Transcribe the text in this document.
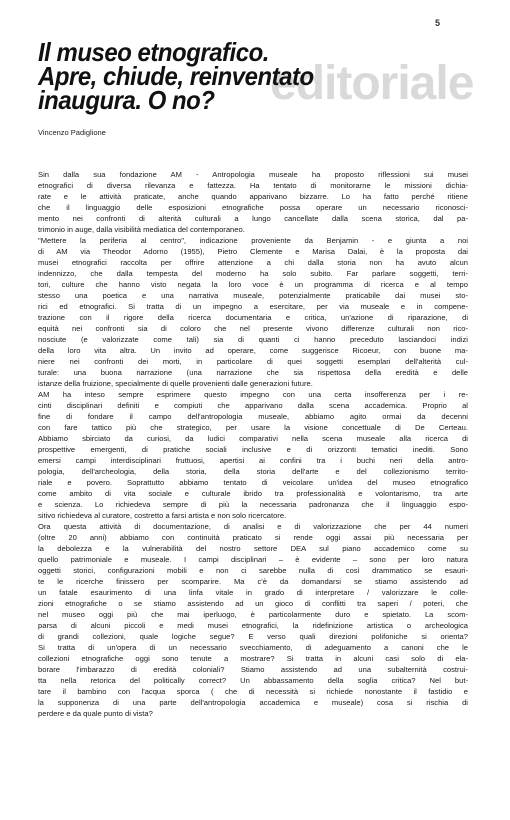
5
editoriale
Il museo etnografico.
Apre, chiude, reinventato
inaugura. O no?
Vincenzo Padiglione

Sin dalla sua fondazione AM - Antropologia museale ha proposto riflessioni sui musei
etnografici di diversa rilevanza e fattezza. Ha tentato di monitorarne le missioni dichia-
rate e le attività praticate, anche quando apparivano bizzarre. Lo ha fatto perché ritiene
che il linguaggio delle esposizioni etnografiche possa operare un necessario riconosci-
mento nei confronti di alterità culturali a lungo cancellate dalla scena storica, dal pa-
trimonio in auge, dalla visibilità mediatica del contemporaneo.

"Mettere la periferia al centro", indicazione proveniente da Benjamin - e giunta a noi
di AM via Theodor Adorno (1955), Pietro Clemente e Marisa Dalai, è la proposta dai
musei etnografici raccolta per offrire attenzione a chi dalla storia non ha avuto alcun
indennizzo, che dalla tempesta del moderno ha solo subito. Far parlare soggetti, terri-
tori, culture che hanno visto negata la loro voce è un programma di ricerca e al tempo
stesso una poetica e una narrativa museale, potenzialmente praticabile dai musei sto-
rici ed etnografici. Si tratta di un impegno a esercitare, per via museale e in compene-
trazione con il rigore della ricerca documentaria e critica, un'azione di riparazione, di
equità nei confronti sia di coloro che nel presente vivono differenze culturali non rico-
nosciute (e valorizzate come tali) sia di quanti ci hanno preceduto lasciandoci indizi
della loro vita altra. Un invito ad operare, come suggerisce Ricoeur, con buone ma-
niere nei confronti dei morti, in particolare di quei soggetti esemplari dell'alterità cul-
turale: una buona narrazione (una narrazione che sia rispettosa della eredità e delle
istanze della fruizione, specialmente di quelle provenienti dalle generazioni future.

AM ha inteso sempre esprimere questo impegno con una certa insofferenza per i re-
cinti disciplinari definiti e compiuti che apparivano dalla scena accademica. Proprio al
fine di fondare il campo dell'antropologia museale, abbiamo agito ormai da decenni
con fare tattico più che strategico, per usare la visione concettuale di De Certeau.
Abbiamo sbirciato da curiosi, da ludici comparativi nella scena museale alla ricerca di
prospettive emergenti, di pratiche sociali inclusive e di orizzonti tematici inediti. Sono
emersi campi interdisciplinari fruttuosi, apertisi ai confini tra i buchi neri della antro-
pologia, dell'archeologia, della storia, della storia dell'arte e del collezionismo territo-
riale e povero. Soprattutto abbiamo tentato di veicolare un'idea del museo etnografico
come ambito di vita sociale e culturale ibrido tra professionalità e volontarismo, tra arte
e scienza. Lo richiedeva sempre di più la necessaria padronanza che il linguaggio espo-
sitivo richiedeva al curatore, costretto a farsi artista e non solo ricercatore.

Ora questa attività di documentazione, di analisi e di valorizzazione che per 44 numeri
(oltre 20 anni) abbiamo con continuità praticato si rende oggi assai più necessaria per
la debolezza e la vulnerabilità del nostro settore DEA sul piano accademico come su
quello patrimoniale e museale. I campi disciplinari – è evidente – sono per loro natura
oggetti storici, configurazioni mobili e non ci sarebbe nulla di così drammatico se esauri-
te le ricerche finissero per scomparire. Ma c'è da domandarsi se stiamo assistendo ad
un fatale esaurimento di una linfa vitale in grado di interpretare / valorizzare le colle-
zioni etnografiche o se stiamo assistendo ad un gioco di conflitti tra saperi / poteri, che
nel museo oggi più che mai iperluogo, è particolarmente duro e spietato. La scom-
parsa di alcuni piccoli e medi musei etnografici, la ridefinizione artistica o archeologica
di grandi collezioni, quale logiche segue? E verso quali direzioni polifoniche si orienta?
Si tratta di un'opera di un necessario svecchiamento, di adeguamento a canoni che le
collezioni etnografiche oggi sono tenute a mostrare? Si tratta in alcuni casi solo di ela-
borare l'imbarazzo di eredità coloniali? Stiamo assistendo ad una subalternità costrui-
tta nella retorica del politically correct? Un abbassamento della soglia critica? Nel but-
tare il bambino con l'acqua sporca ( che di necessità si richiede nonostante il fastidio e
la supponenza di una parte dell'antropologia accademica e museale) cosa si rischia di
perdere e da quale punto di vista?
